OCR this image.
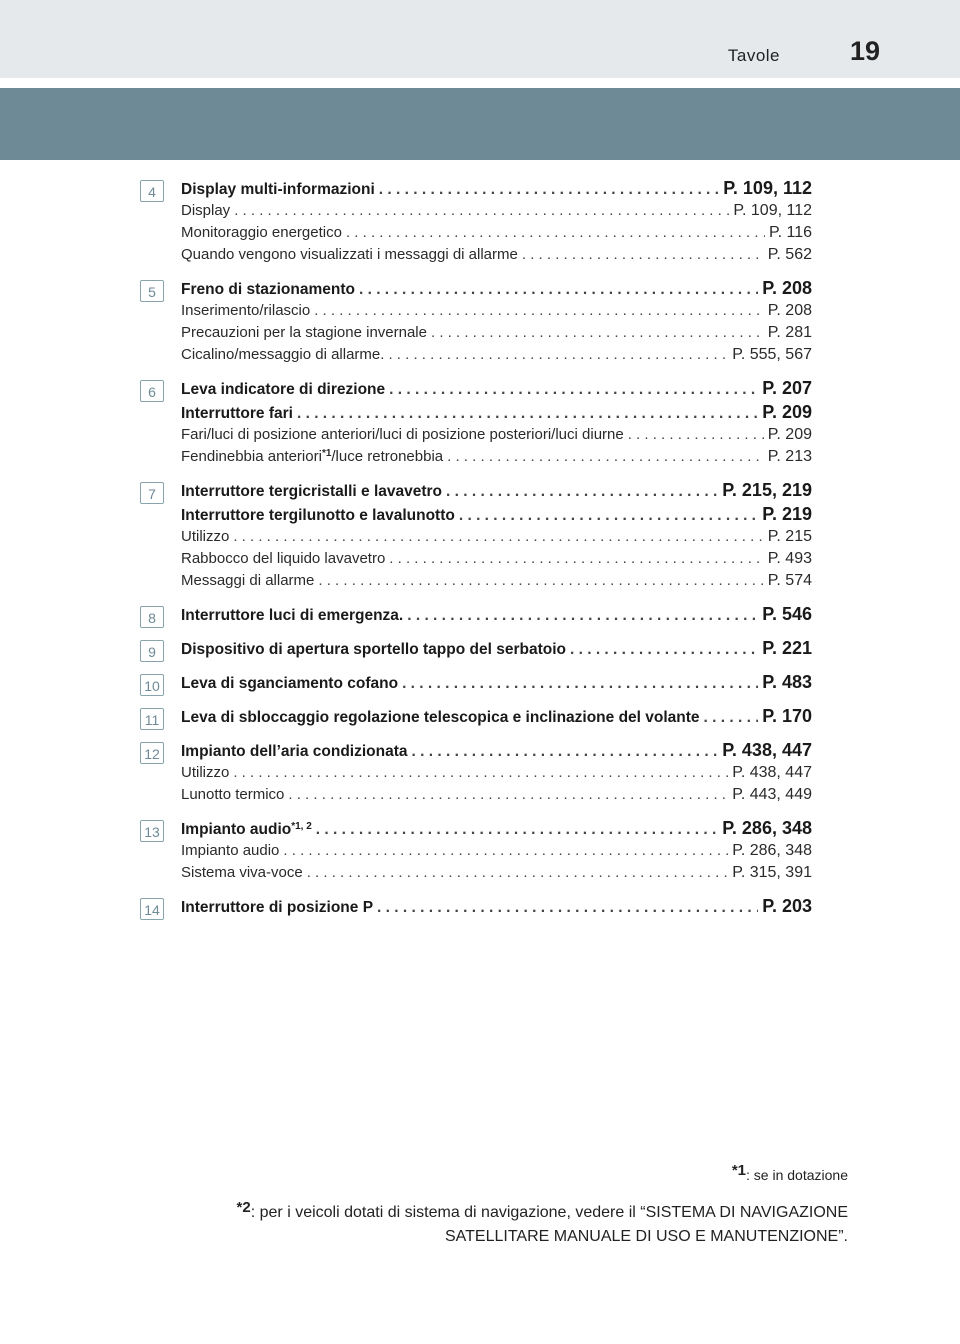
Tavole	19
4	Display multi-informazioni . . .	P. 109, 112
Display . . .	P. 109, 112
Monitoraggio energetico . . .	P. 116
Quando vengono visualizzati i messaggi di allarme . . .	P. 562
5	Freno di stazionamento . . .	P. 208
Inserimento/rilascio . . .	P. 208
Precauzioni per la stagione invernale . . .	P. 281
Cicalino/messaggio di allarme. . . .	P. 555, 567
6	Leva indicatore di direzione . . .	P. 207
Interruttore fari . . .	P. 209
Fari/luci di posizione anteriori/luci di posizione posteriori/luci diurne . . .	P. 209
Fendinebbia anteriori$^{*1}$/luce retronebbia . . .	P. 213
7	Interruttore tergicristalli e lavavetro . . .	P. 215, 219
Interruttore tergilunotto e lavalunotto . . .	P. 219
Utilizzo . . .	P. 215
Rabbocco del liquido lavavetro . . .	P. 493
Messaggi di allarme . . .	P. 574
8	Interruttore luci di emergenza. . . .	P. 546
9	Dispositivo di apertura sportello tappo del serbatoio . . .	P. 221
10 Leva di sganciamento cofano . . .	P. 483
11	Leva di sbloccaggio regolazione telescopica e inclinazione del volante . . .	P. 170
12 Impianto dell’aria condizionata . . .	P. 438, 447
Utilizzo . . .	P. 438, 447
Lunotto termico . . .	P. 443, 449
13 Impianto audio$^{*1, 2}$ . . .	P. 286, 348
Impianto audio . . .	P. 286, 348
Sistema viva-voce . . .	P. 315, 391
14 Interruttore di posizione P . . .	P. 203
$^{*1}$: se in dotazione
$^{*2}$: per i veicoli dotati di sistema di navigazione, vedere il “SISTEMA DI NAVIGAZIONE
SATELLITARE MANUALE DI USO E MANUTENZIONE”.
